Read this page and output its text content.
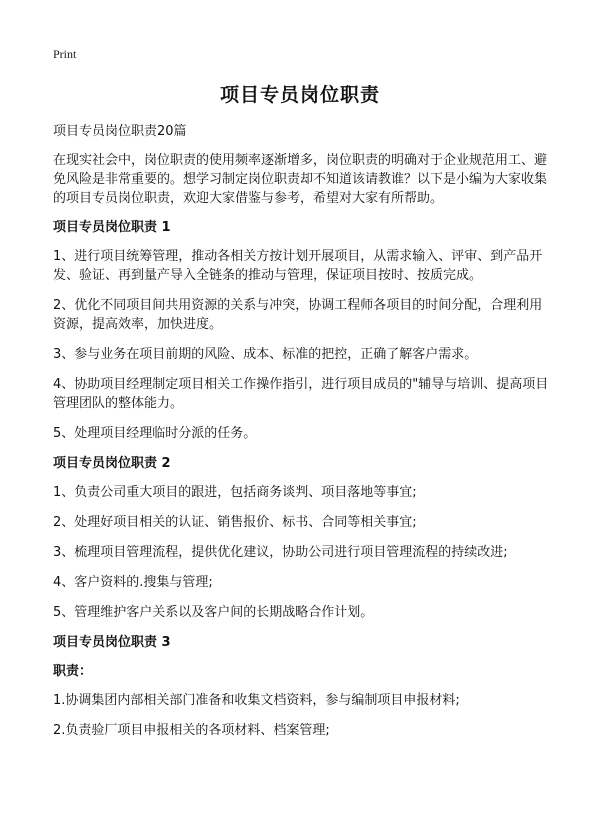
Print
项目专员岗位职责

项目专员岗位职责20篇

在现实社会中，岗位职责的使用频率逐渐增多，岗位职责的明确对于企业规范用工、避免风险是非常重要的。想学习制定岗位职责却不知道该请教谁？以下是小编为大家收集的项目专员岗位职责，欢迎大家借鉴与参考，希望对大家有所帮助。

项目专员岗位职责 1

1、进行项目统筹管理，推动各相关方按计划开展项目，从需求输入、评审、到产品开发、验证、再到量产导入全链条的推动与管理，保证项目按时、按质完成。

2、优化不同项目间共用资源的关系与冲突，协调工程师各项目的时间分配，合理利用资源，提高效率，加快进度。

3、参与业务在项目前期的风险、成本、标准的把控，正确了解客户需求。

4、协助项目经理制定项目相关工作操作指引，进行项目成员的"辅导与培训、提高项目管理团队的整体能力。

5、处理项目经理临时分派的任务。

项目专员岗位职责 2

1、负责公司重大项目的跟进，包括商务谈判、项目落地等事宜;

2、处理好项目相关的认证、销售报价、标书、合同等相关事宜;

3、梳理项目管理流程，提供优化建议，协助公司进行项目管理流程的持续改进;

4、客户资料的.搜集与管理;

5、管理维护客户关系以及客户间的长期战略合作计划。

项目专员岗位职责 3

职责：

1.协调集团内部相关部门准备和收集文档资料，参与编制项目申报材料;

2.负责验厂项目申报相关的各项材料、档案管理;
